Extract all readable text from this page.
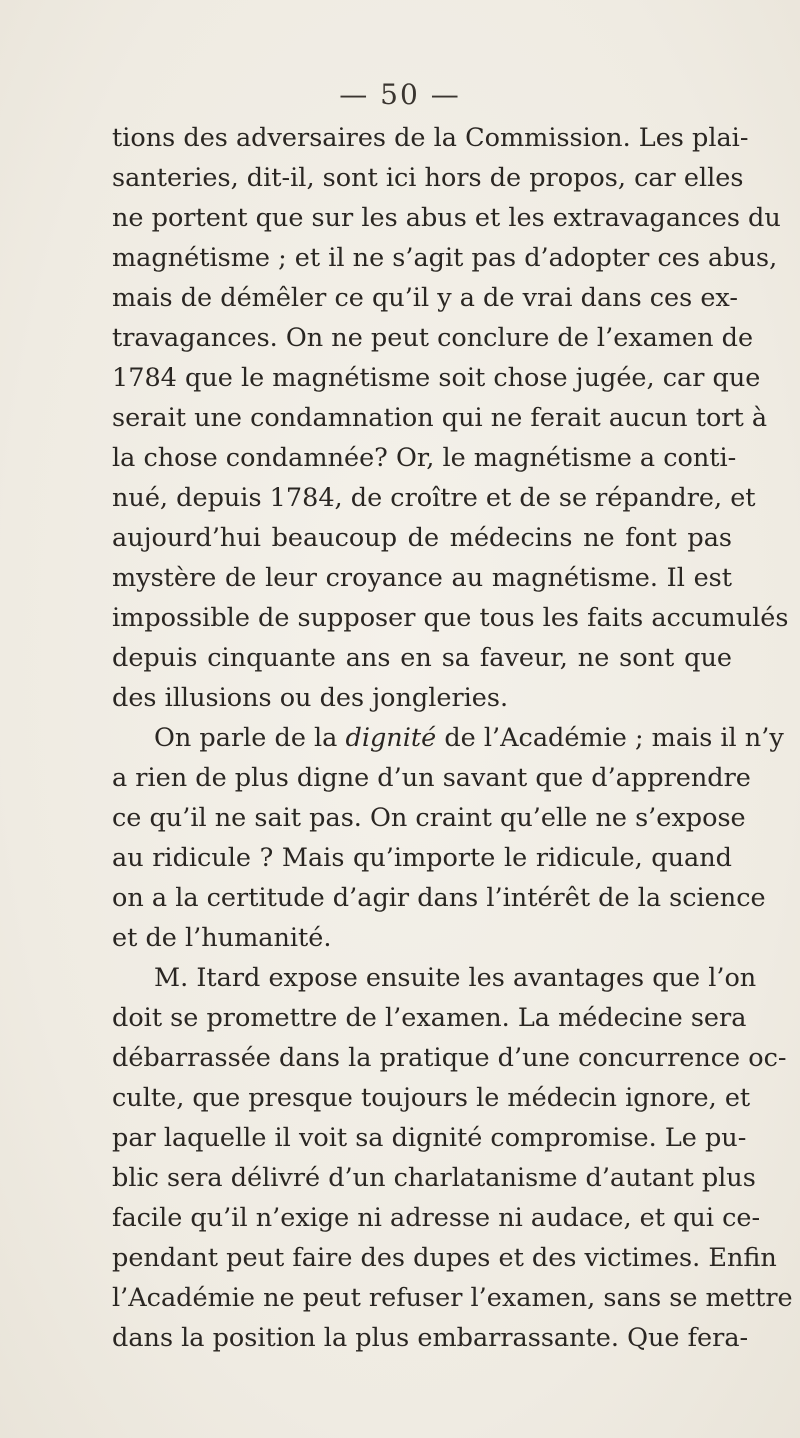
— 50 —
tions des adversaires de la Commission. Les plai-
santeries, dit-il, sont ici hors de propos, car elles
ne portent que sur les abus et les extravagances du
magnétisme ; et il ne s’agit pas d’adopter ces abus,
mais de démêler ce qu’il y a de vrai dans ces ex-
travagances. On ne peut conclure de l’examen de
1784 que le magnétisme soit chose jugée, car que
serait une condamnation qui ne ferait aucun tort à
la chose condamnée? Or, le magnétisme a conti-
nué, depuis 1784, de croître et de se répandre, et
aujourd’hui beaucoup de médecins ne font pas
mystère de leur croyance au magnétisme. Il est
impossible de supposer que tous les faits accumulés
depuis cinquante ans en sa faveur, ne sont que
des illusions ou des jongleries.
On parle de la dignité de l’Académie ; mais il n’y
a rien de plus digne d’un savant que d’apprendre
ce qu’il ne sait pas. On craint qu’elle ne s’expose
au ridicule ? Mais qu’importe le ridicule, quand
on a la certitude d’agir dans l’intérêt de la science
et de l’humanité.
M. Itard expose ensuite les avantages que l’on
doit se promettre de l’examen. La médecine sera
débarrassée dans la pratique d’une concurrence oc-
culte, que presque toujours le médecin ignore, et
par laquelle il voit sa dignité compromise. Le pu-
blic sera délivré d’un charlatanisme d’autant plus
facile qu’il n’exige ni adresse ni audace, et qui ce-
pendant peut faire des dupes et des victimes. Enfin
l’Académie ne peut refuser l’examen, sans se mettre
dans la position la plus embarrassante. Que fera-
